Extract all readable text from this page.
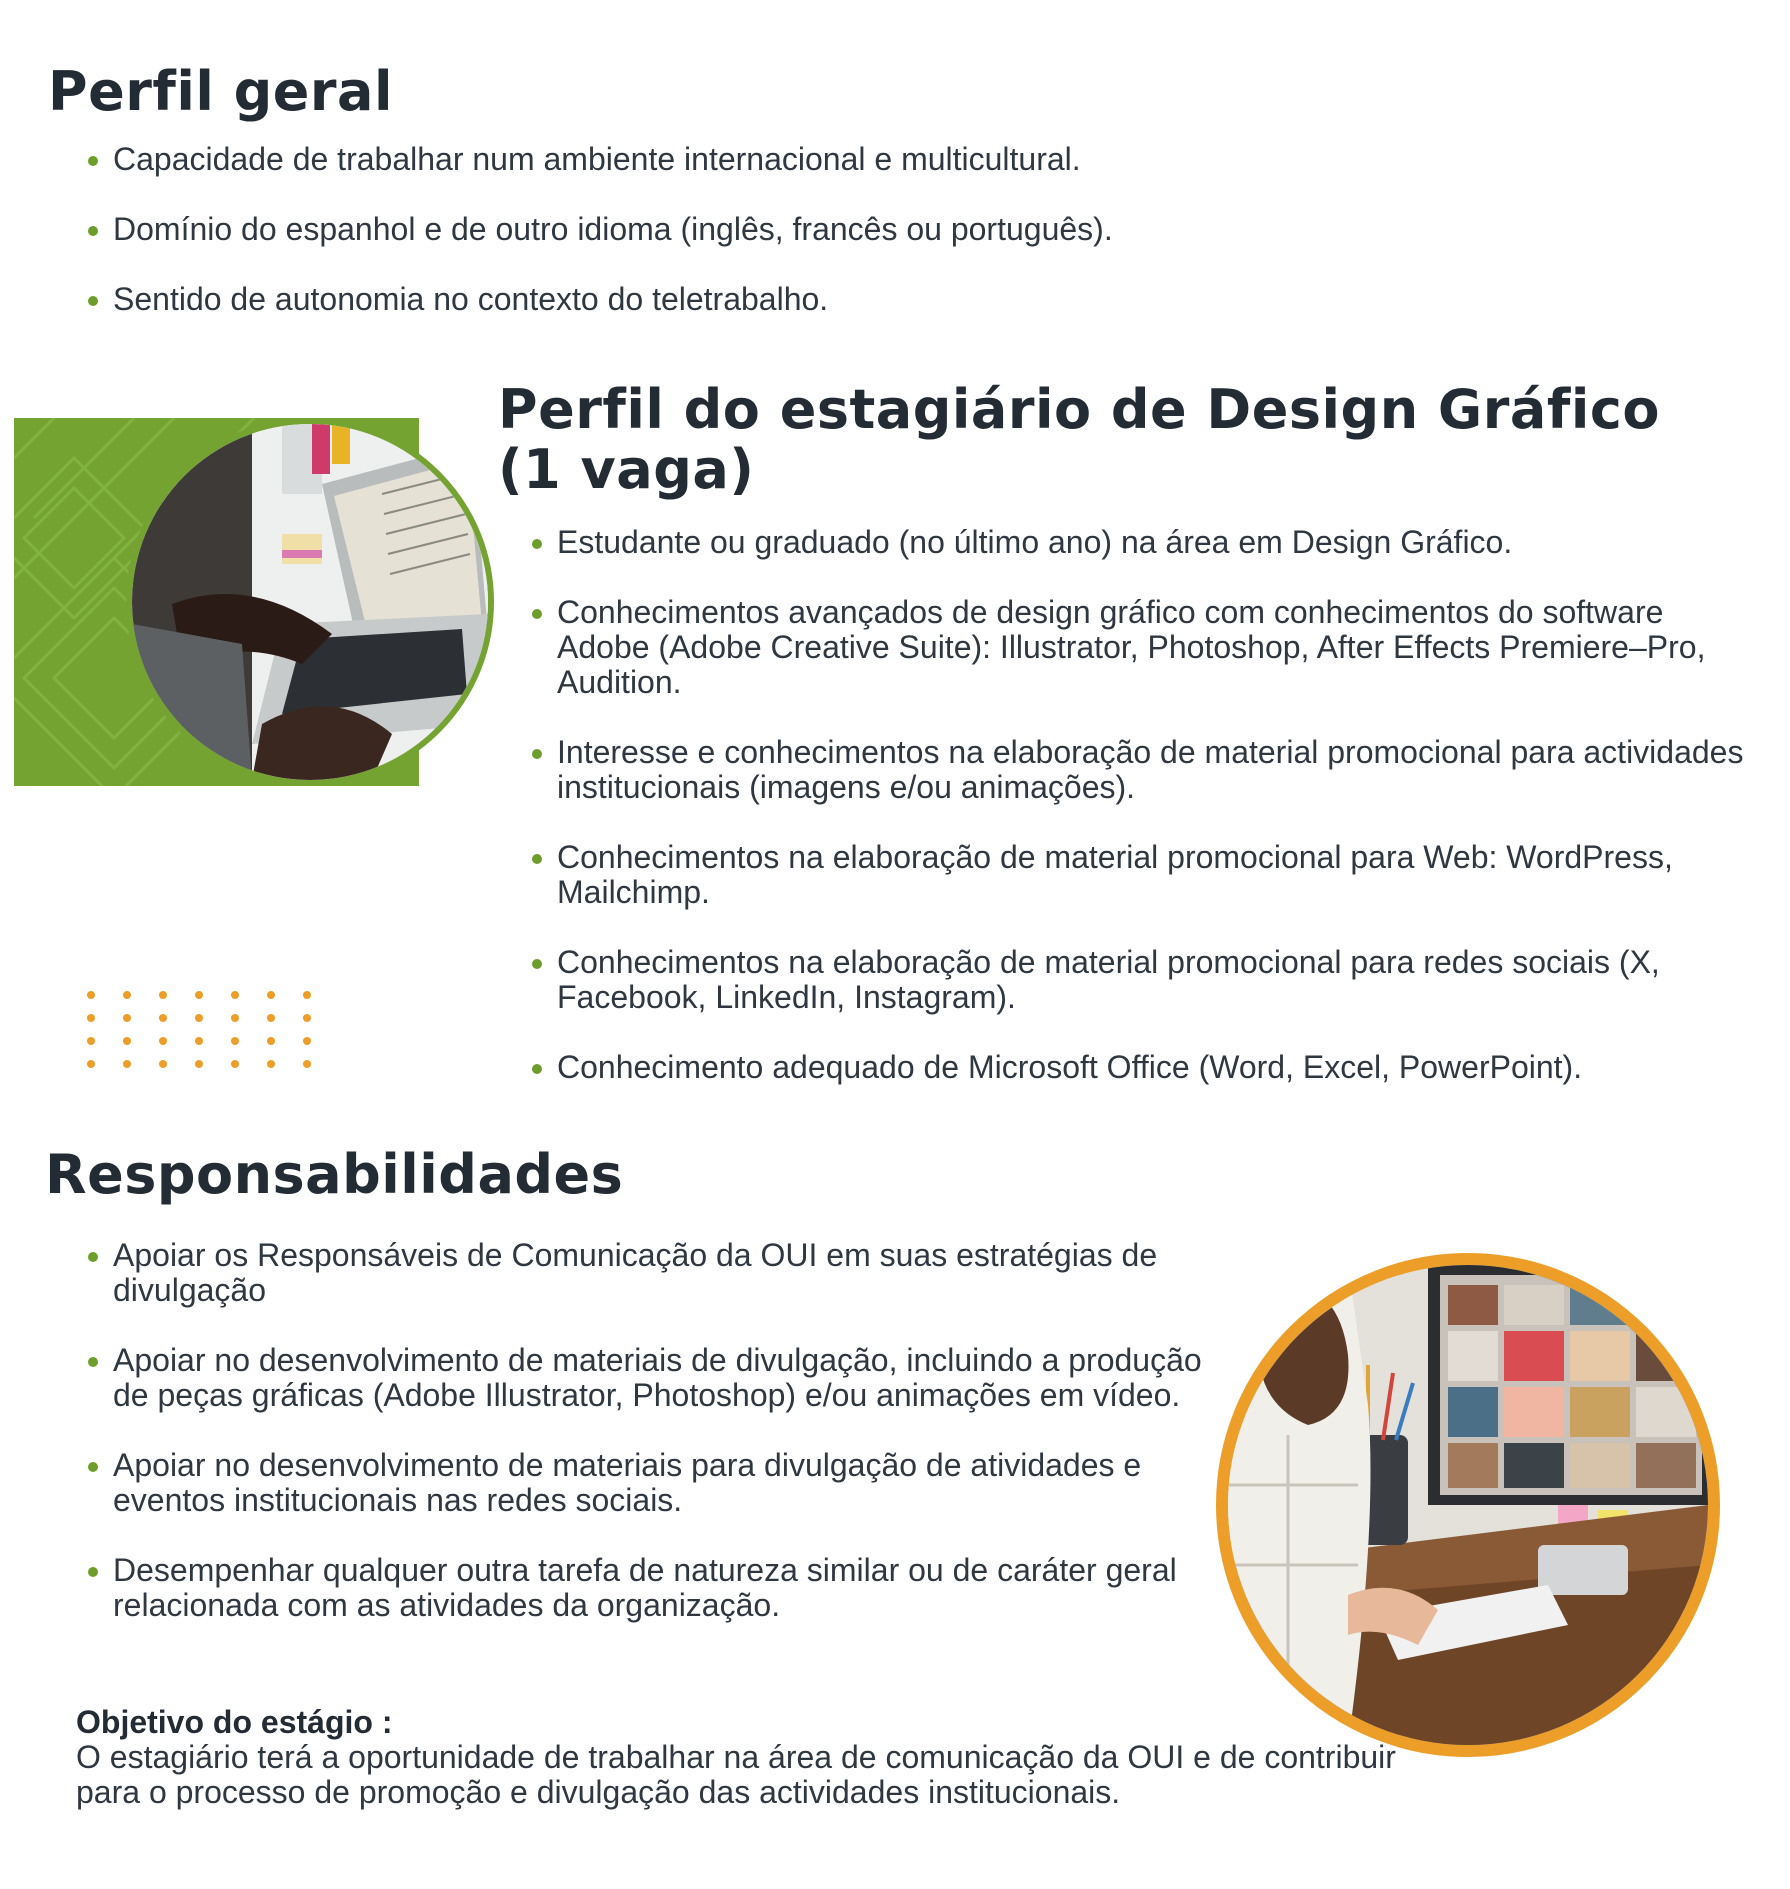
Perfil geral
Capacidade de trabalhar num ambiente internacional e multicultural.
Domínio do espanhol e de outro idioma (inglês, francês ou português).
Sentido de autonomia no contexto do teletrabalho.
Perfil do estagiário de Design Gráfico (1 vaga)
Estudante ou graduado (no último ano) na área em Design Gráfico.
Conhecimentos avançados de design gráfico com conhecimentos do software Adobe (Adobe Creative Suite): Illustrator, Photoshop, After Effects Premiere–Pro, Audition.
Interesse e conhecimentos na elaboração de material promocional para actividades institucionais (imagens e/ou animações).
Conhecimentos na elaboração de material promocional para Web: WordPress, Mailchimp.
Conhecimentos na elaboração de material promocional para redes sociais (X, Facebook, LinkedIn, Instagram).
Conhecimento adequado de Microsoft Office (Word, Excel, PowerPoint).
Responsabilidades
Apoiar os Responsáveis de Comunicação da OUI em suas estratégias de divulgação
Apoiar no desenvolvimento de materiais de divulgação, incluindo a produção de peças gráficas (Adobe Illustrator, Photoshop) e/ou animações em vídeo.
Apoiar no desenvolvimento de materiais para divulgação de atividades e eventos institucionais nas redes sociais.
Desempenhar qualquer outra tarefa de natureza similar ou de caráter geral relacionada com as atividades da organização.
Objetivo do estágio :
O estagiário terá a oportunidade de trabalhar na área de comunicação da OUI e de contribuir para o processo de promoção e divulgação das actividades institucionais.
